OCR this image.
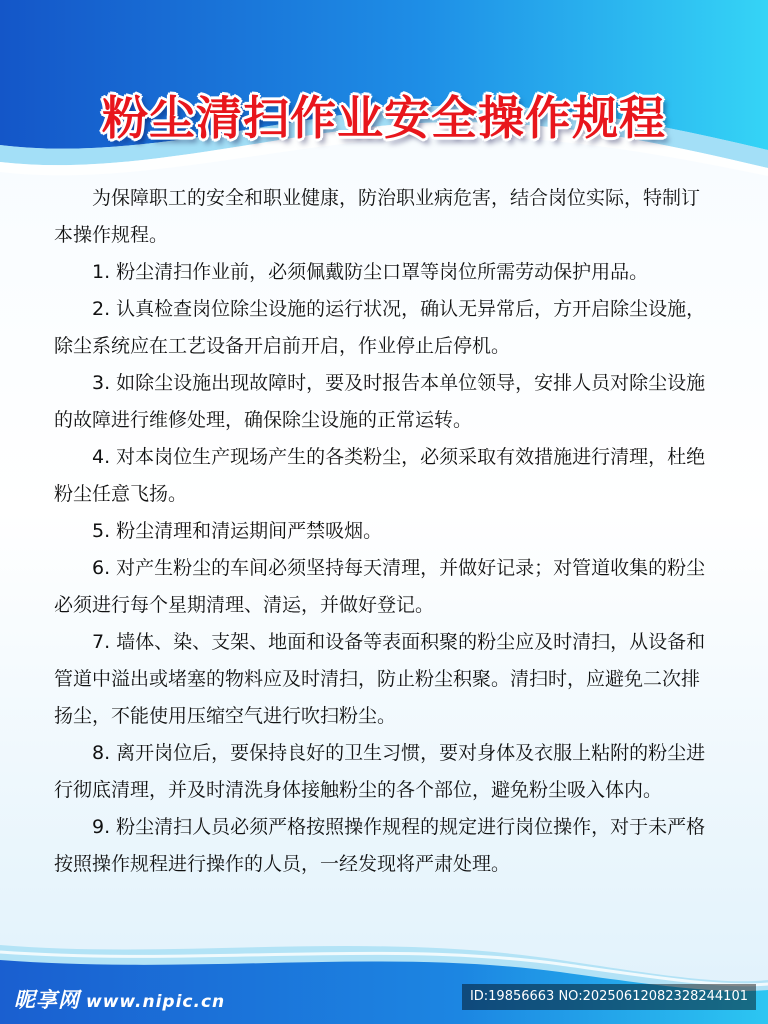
粉尘清扫作业安全操作规程

为保障职工的安全和职业健康，防治职业病危害，结合岗位实际，特制订本操作规程。

1. 粉尘清扫作业前，必须佩戴防尘口罩等岗位所需劳动保护用品。

2. 认真检查岗位除尘设施的运行状况，确认无异常后，方开启除尘设施，除尘系统应在工艺设备开启前开启，作业停止后停机。

3. 如除尘设施出现故障时，要及时报告本单位领导，安排人员对除尘设施的故障进行维修处理，确保除尘设施的正常运转。

4. 对本岗位生产现场产生的各类粉尘，必须采取有效措施进行清理，杜绝粉尘任意飞扬。

5. 粉尘清理和清运期间严禁吸烟。

6. 对产生粉尘的车间必须坚持每天清理，并做好记录；对管道收集的粉尘必须进行每个星期清理、清运，并做好登记。

7. 墙体、染、支架、地面和设备等表面积聚的粉尘应及时清扫，从设备和管道中溢出或堵塞的物料应及时清扫，防止粉尘积聚。清扫时，应避免二次排扬尘，不能使用压缩空气进行吹扫粉尘。

8. 离开岗位后，要保持良好的卫生习惯，要对身体及衣服上粘附的粉尘进行彻底清理，并及时清洗身体接触粉尘的各个部位，避免粉尘吸入体内。

9. 粉尘清扫人员必须严格按照操作规程的规定进行岗位操作，对于未严格按照操作规程进行操作的人员，一经发现将严肃处理。

昵享网 www.nipic.cn	ID:19856663 NO:20250612082328244101
